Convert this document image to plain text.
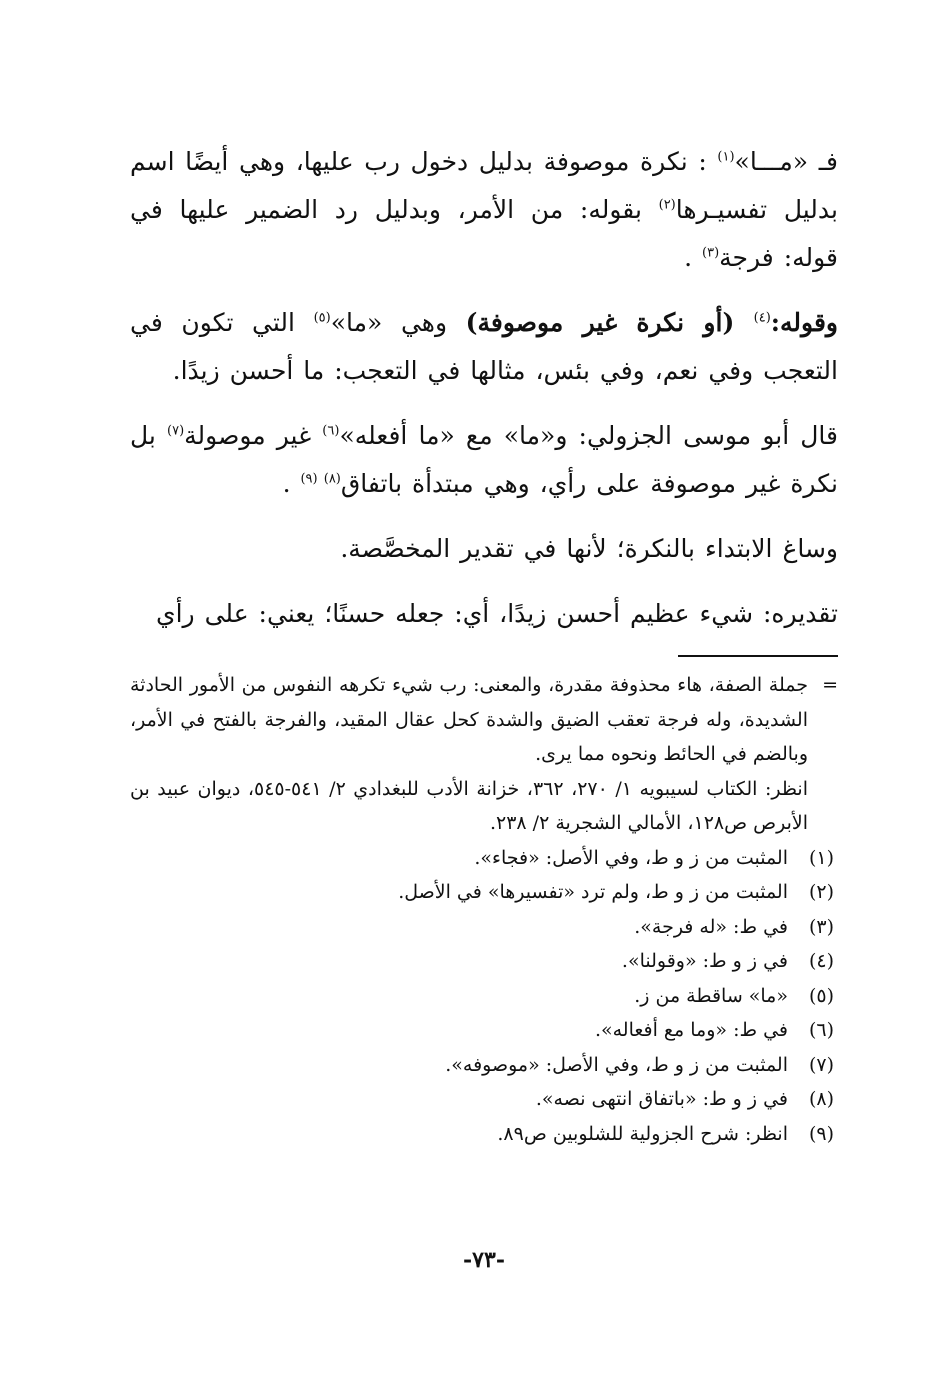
فـ «مـــا»$^{(١)}$ : نكرة موصوفة بدليل دخول رب عليها، وهي أيضًا اسم بدليل تفسيـرها$^{(٢)}$ بقوله: من الأمر، وبدليل رد الضمير عليها في قوله: فرجة$^{(٣)}$ .

وقوله:$^{(٤)}$ (أو نكرة غير موصوفة) وهي «ما»$^{(٥)}$ التي تكون في التعجب وفي نعم، وفي بئس، مثالها في التعجب: ما أحسن زيدًا.

قال أبو موسى الجزولي: و«ما» مع «ما أفعله»$^{(٦)}$ غير موصولة$^{(٧)}$ بل نكرة غير موصوفة على رأي، وهي مبتدأة باتفاق$^{(٨) (٩)}$ .

وساغ الابتداء بالنكرة؛ لأنها في تقدير المخصَّصة.

تقديره: شيء عظيم أحسن زيدًا، أي: جعله حسنًا؛ يعني: على رأي

=
جملة الصفة، هاء محذوفة مقدرة، والمعنى: رب شيء تكرهه النفوس من الأمور الحادثة الشديدة، وله فرجة تعقب الضيق والشدة كحل عقال المقيد، والفرجة بالفتح في الأمر، وبالضم في الحائط ونحوه مما يرى.
انظر: الكتاب لسيبويه ١/ ٢٧٠، ٣٦٢، خزانة الأدب للبغدادي ٢/ ٥٤١-٥٤٥، ديوان عبيد بن الأبرص ص١٢٨، الأمالي الشجرية ٢/ ٢٣٨.
(١)
المثبت من ز و ط، وفي الأصل: «فجاء».
(٢)
المثبت من ز و ط، ولم ترد «تفسيرها» في الأصل.
(٣)
في ط: «له فرجة».
(٤)
في ز و ط: «وقولنا».
(٥)
«ما» ساقطة من ز.
(٦)
في ط: «وما مع أفعاله».
(٧)
المثبت من ز و ط، وفي الأصل: «موصوفه».
(٨)
في ز و ط: «باتفاق انتهى نصه».
(٩)
انظر: شرح الجزولية للشلوبين ص٨٩.
-٧٣-
